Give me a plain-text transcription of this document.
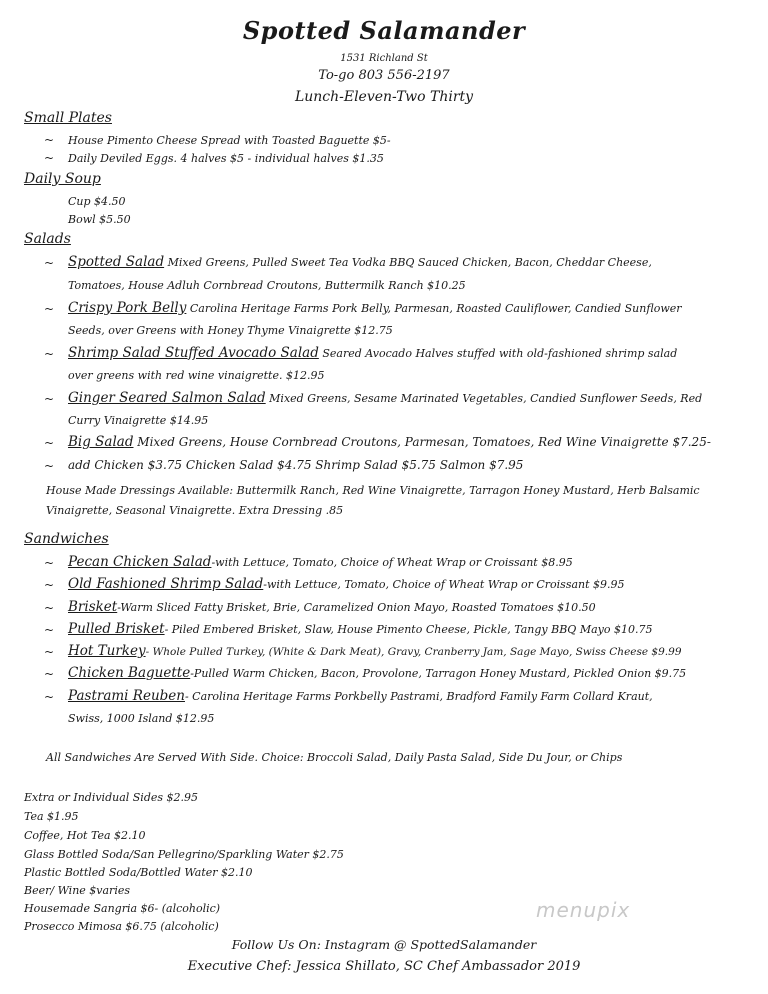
Spotted Salamander
1531 Richland St
To-go 803 556-2197
Lunch-Eleven-Two Thirty
Small Plates
~ House Pimento Cheese Spread with Toasted Baguette $5-
~ Daily Deviled Eggs. 4 halves $5 - individual halves $1.35
Daily Soup
Cup $4.50
Bowl $5.50
Salads
~ Spotted Salad Mixed Greens, Pulled Sweet Tea Vodka BBQ Sauced Chicken, Bacon, Cheddar Cheese,
Tomatoes, House Adluh Cornbread Croutons, Buttermilk Ranch $10.25
~ Crispy Pork Belly Carolina Heritage Farms Pork Belly, Parmesan, Roasted Cauliflower, Candied Sunflower
Seeds, over Greens with Honey Thyme Vinaigrette $12.75
~ Shrimp Salad Stuffed Avocado Salad Seared Avocado Halves stuffed with old-fashioned shrimp salad
over greens with red wine vinaigrette. $12.95
~ Ginger Seared Salmon Salad Mixed Greens, Sesame Marinated Vegetables, Candied Sunflower Seeds, Red
Curry Vinaigrette $14.95
~ Big Salad Mixed Greens, House Cornbread Croutons, Parmesan, Tomatoes, Red Wine Vinaigrette $7.25-
~ add Chicken $3.75 Chicken Salad $4.75 Shrimp Salad $5.75 Salmon $7.95
House Made Dressings Available: Buttermilk Ranch, Red Wine Vinaigrette, Tarragon Honey Mustard, Herb Balsamic
Vinaigrette, Seasonal Vinaigrette. Extra Dressing .85
Sandwiches
~ Pecan Chicken Salad-with Lettuce, Tomato, Choice of Wheat Wrap or Croissant $8.95
~ Old Fashioned Shrimp Salad-with Lettuce, Tomato, Choice of Wheat Wrap or Croissant $9.95
~ Brisket-Warm Sliced Fatty Brisket, Brie, Caramelized Onion Mayo, Roasted Tomatoes $10.50
~ Pulled Brisket- Piled Embered Brisket, Slaw, House Pimento Cheese, Pickle, Tangy BBQ Mayo $10.75
~ Hot Turkey- Whole Pulled Turkey, (White & Dark Meat), Gravy, Cranberry Jam, Sage Mayo, Swiss Cheese $9.99
~ Chicken Baguette-Pulled Warm Chicken, Bacon, Provolone, Tarragon Honey Mustard, Pickled Onion $9.75
~ Pastrami Reuben- Carolina Heritage Farms Porkbelly Pastrami, Bradford Family Farm Collard Kraut,
Swiss, 1000 Island $12.95
All Sandwiches Are Served With Side. Choice: Broccoli Salad, Daily Pasta Salad, Side Du Jour, or Chips
Extra or Individual Sides $2.95
Tea $1.95
Coffee, Hot Tea $2.10
Glass Bottled Soda/San Pellegrino/Sparkling Water $2.75
Plastic Bottled Soda/Bottled Water $2.10
Beer/ Wine $varies
Housemade Sangria $6- (alcoholic)
Prosecco Mimosa $6.75 (alcoholic)
menupix
Follow Us On: Instagram @ SpottedSalamander
Executive Chef: Jessica Shillato, SC Chef Ambassador 2019
